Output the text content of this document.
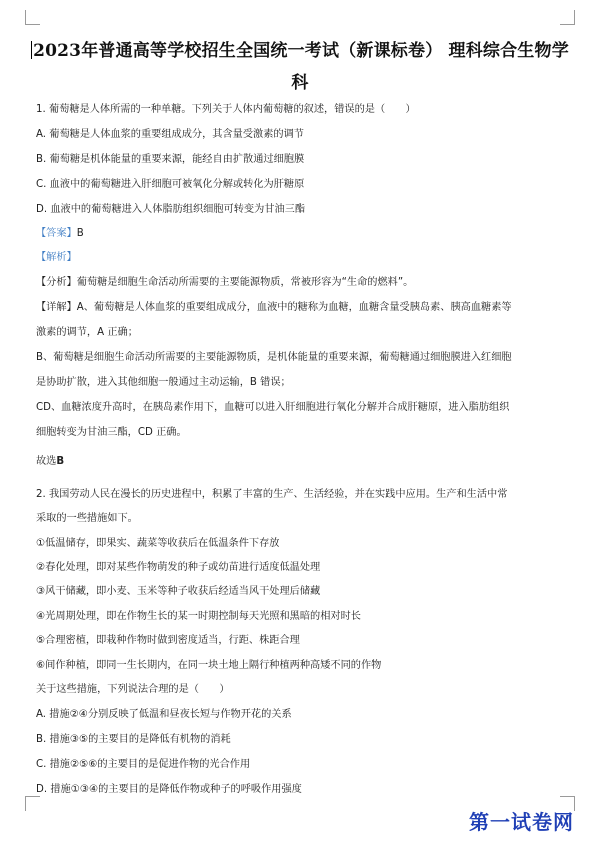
2023年普通高等学校招生全国统一考试（新课标卷） 理科综合生物学
科
1. 葡萄糖是人体所需的一种单糖。下列关于人体内葡萄糖的叙述，错误的是（　　）
A. 葡萄糖是人体血浆的重要组成成分，其含量受激素的调节
B. 葡萄糖是机体能量的重要来源，能经自由扩散通过细胞膜
C. 血液中的葡萄糖进入肝细胞可被氧化分解或转化为肝糖原
D. 血液中的葡萄糖进入人体脂肪组织细胞可转变为甘油三酯
【答案】B
【解析】
【分析】葡萄糖是细胞生命活动所需要的主要能源物质，常被形容为“生命的燃料”。
【详解】A、葡萄糖是人体血浆的重要组成成分，血液中的糖称为血糖，血糖含量受胰岛素、胰高血糖素等
激素的调节，A 正确；
B、葡萄糖是细胞生命活动所需要的主要能源物质，是机体能量的重要来源，葡萄糖通过细胞膜进入红细胞
是协助扩散，进入其他细胞一般通过主动运输，B 错误；
CD、血糖浓度升高时，在胰岛素作用下，血糖可以进入肝细胞进行氧化分解并合成肝糖原，进入脂肪组织
细胞转变为甘油三酯，CD 正确。
故选B
2. 我国劳动人民在漫长的历史进程中，积累了丰富的生产、生活经验，并在实践中应用。生产和生活中常
采取的一些措施如下。
①低温储存，即果实、蔬菜等收获后在低温条件下存放
②春化处理，即对某些作物萌发的种子或幼苗进行适度低温处理
③风干储藏，即小麦、玉米等种子收获后经适当风干处理后储藏
④光周期处理，即在作物生长的某一时期控制每天光照和黑暗的相对时长
⑤合理密植，即栽种作物时做到密度适当，行距、株距合理
⑥间作种植，即同一生长期内，在同一块土地上隔行种植两种高矮不同的作物
关于这些措施，下列说法合理的是（　　）
A. 措施②④分别反映了低温和昼夜长短与作物开花的关系
B. 措施③⑤的主要目的是降低有机物的消耗
C. 措施②⑤⑥的主要目的是促进作物的光合作用
D. 措施①③④的主要目的是降低作物或种子的呼吸作用强度
第一试卷网
